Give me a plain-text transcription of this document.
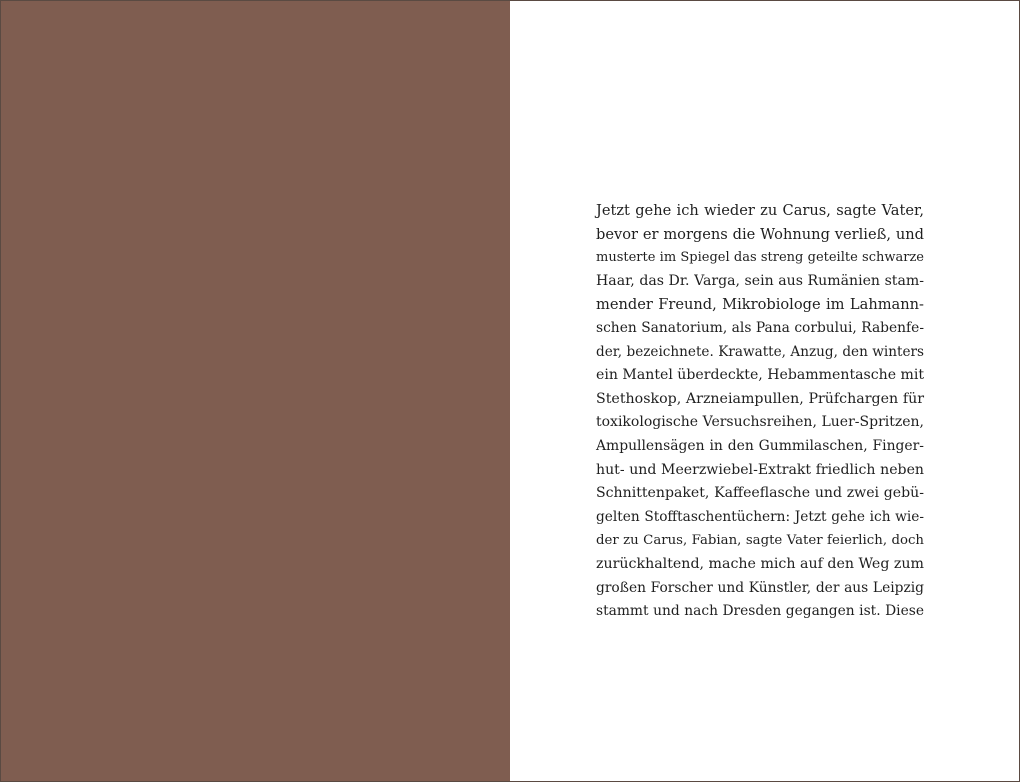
Jetzt gehe ich wieder zu Carus, sagte Vater,
bevor er morgens die Wohnung verließ, und
musterte im Spiegel das streng geteilte schwarze
Haar, das Dr. Varga, sein aus Rumänien stam-
mender Freund, Mikrobiologe im Lahmann-
schen Sanatorium, als Pana corbului, Rabenfe-
der, bezeichnete. Krawatte, Anzug, den winters
ein Mantel überdeckte, Hebammentasche mit
Stethoskop, Arzneiampullen, Prüfchargen für
toxikologische Versuchsreihen, Luer-Spritzen,
Ampullensägen in den Gummilaschen, Finger-
hut- und Meerzwiebel-Extrakt friedlich neben
Schnittenpaket, Kaffeeflasche und zwei gebü-
gelten Stofftaschentüchern: Jetzt gehe ich wie-
der zu Carus, Fabian, sagte Vater feierlich, doch
zurückhaltend, mache mich auf den Weg zum
großen Forscher und Künstler, der aus Leipzig
stammt und nach Dresden gegangen ist. Diese
